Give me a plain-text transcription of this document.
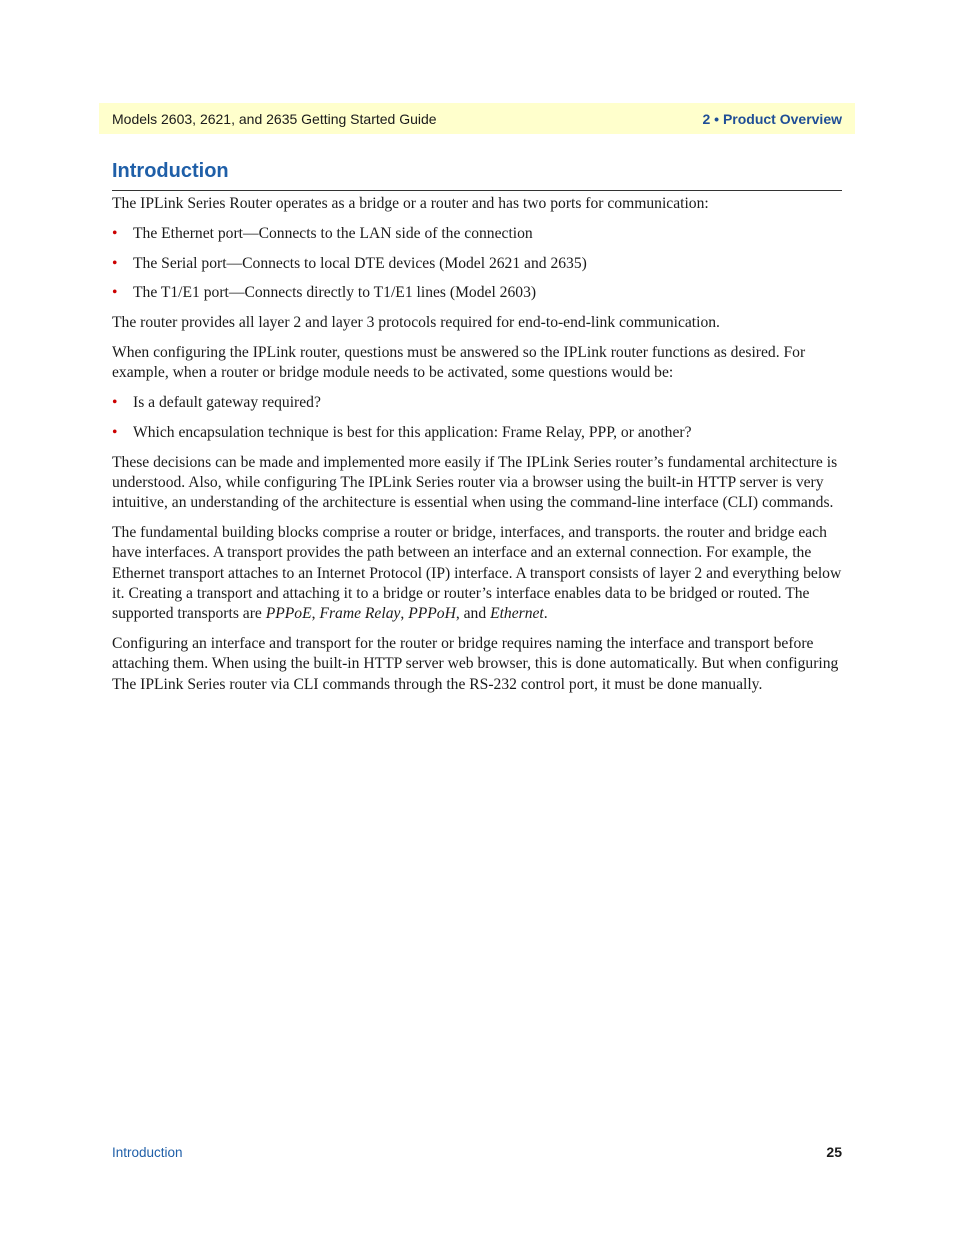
Models 2603, 2621, and 2635 Getting Started Guide	2 • Product Overview
Introduction

The IPLink Series Router operates as a bridge or a router and has two ports for communication:

• The Ethernet port—Connects to the LAN side of the connection
• The Serial port—Connects to local DTE devices (Model 2621 and 2635)
• The T1/E1 port—Connects directly to T1/E1 lines (Model 2603)

The router provides all layer 2 and layer 3 protocols required for end-to-end-link communication.

When configuring the IPLink router, questions must be answered so the IPLink router functions as desired. For example, when a router or bridge module needs to be activated, some questions would be:

• Is a default gateway required?
• Which encapsulation technique is best for this application: Frame Relay, PPP, or another?

These decisions can be made and implemented more easily if The IPLink Series router’s fundamental architecture is understood. Also, while configuring The IPLink Series router via a browser using the built-in HTTP server is very intuitive, an understanding of the architecture is essential when using the command-line interface (CLI) commands.

The fundamental building blocks comprise a router or bridge, interfaces, and transports. the router and bridge each have interfaces. A transport provides the path between an interface and an external connection. For example, the Ethernet transport attaches to an Internet Protocol (IP) interface. A transport consists of layer 2 and everything below it. Creating a transport and attaching it to a bridge or router’s interface enables data to be bridged or routed. The supported transports are PPPoE, Frame Relay, PPPoH, and Ethernet.

Configuring an interface and transport for the router or bridge requires naming the interface and transport before attaching them. When using the built-in HTTP server web browser, this is done automatically. But when configuring The IPLink Series router via CLI commands through the RS-232 control port, it must be done manually.

Introduction	25
